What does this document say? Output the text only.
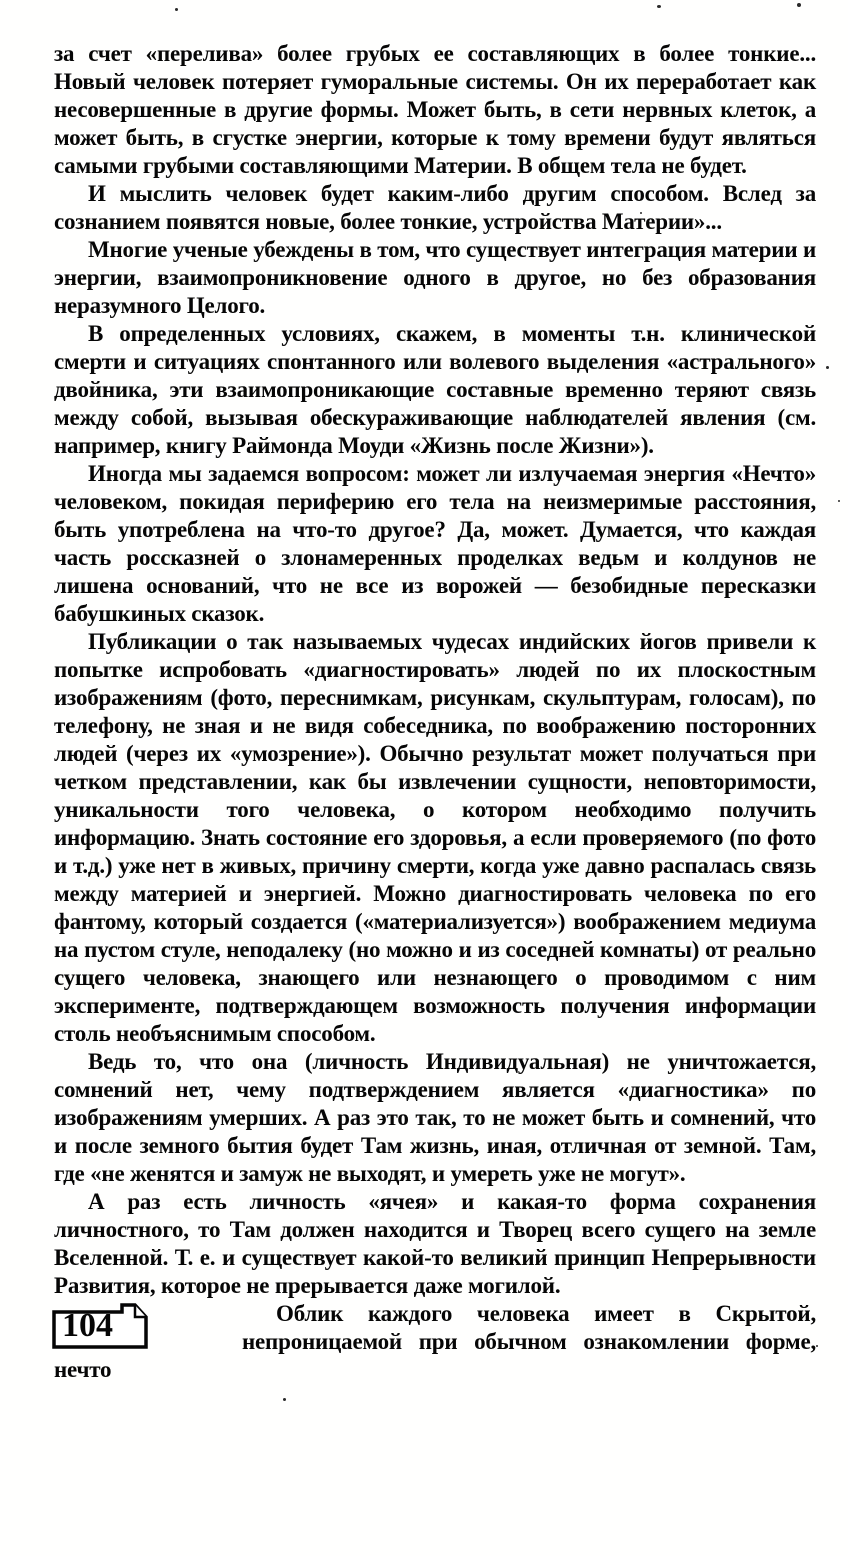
за счет «перелива» более грубых ее составляющих в более тонкие... Новый человек потеряет гуморальные системы. Он их переработает как несовершенные в другие формы. Может быть, в сети нервных клеток, а может быть, в сгустке энергии, которые к тому времени будут являться самыми грубыми составляющими Материи. В общем тела не будет.

И мыслить человек будет каким-либо другим способом. Вслед за сознанием появятся новые, более тонкие, устройства Материи»...

Многие ученые убеждены в том, что существует интеграция материи и энергии, взаимопроникновение одного в другое, но без образования неразумного Целого.

В определенных условиях, скажем, в моменты т.н. клинической смерти и ситуациях спонтанного или волевого выделения «астрального» двойника, эти взаимопроникающие составные временно теряют связь между собой, вызывая обескураживающие наблюдателей явления (см. например, книгу Раймонда Моуди «Жизнь после Жизни»).

Иногда мы задаемся вопросом: может ли излучаемая энергия «Нечто» человеком, покидая периферию его тела на неизмеримые расстояния, быть употреблена на что-то другое? Да, может. Думается, что каждая часть россказней о злонамеренных проделках ведьм и колдунов не лишена оснований, что не все из ворожей — безобидные пересказки бабушкиных сказок.

Публикации о так называемых чудесах индийских йогов привели к попытке испробовать «диагностировать» людей по их плоскостным изображениям (фото, переснимкам, рисункам, скульптурам, голосам), по телефону, не зная и не видя собеседника, по воображению посторонних людей (через их «умозрение»). Обычно результат может получаться при четком представлении, как бы извлечении сущности, неповторимости, уникальности того человека, о котором необходимо получить информацию. Знать состояние его здоровья, а если проверяемого (по фото и т.д.) уже нет в живых, причину смерти, когда уже давно распалась связь между материей и энергией. Можно диагностировать человека по его фантому, который создается («материализуется») воображением медиума на пустом стуле, неподалеку (но можно и из соседней комнаты) от реально сущего человека, знающего или незнающего о проводимом с ним эксперименте, подтверждающем возможность получения информации столь необъяснимым способом.

Ведь то, что она (личность Индивидуальная) не уничтожается, сомнений нет, чему подтверждением является «диагностика» по изображениям умерших. А раз это так, то не может быть и сомнений, что и после земного бытия будет Там жизнь, иная, отличная от земной. Там, где «не женятся и замуж не выходят, и умереть уже не могут».

А раз есть личность «ячея» и какая-то форма сохранения личностного, то Там должен находится и Творец всего сущего на земле Вселенной. Т. е. и существует какой-то великий принцип Непрерывности Развития, которое не прерывается даже могилой.

104	Облик каждого человека имеет в Скрытой, непроницаемой при обычном ознакомлении форме, нечто
